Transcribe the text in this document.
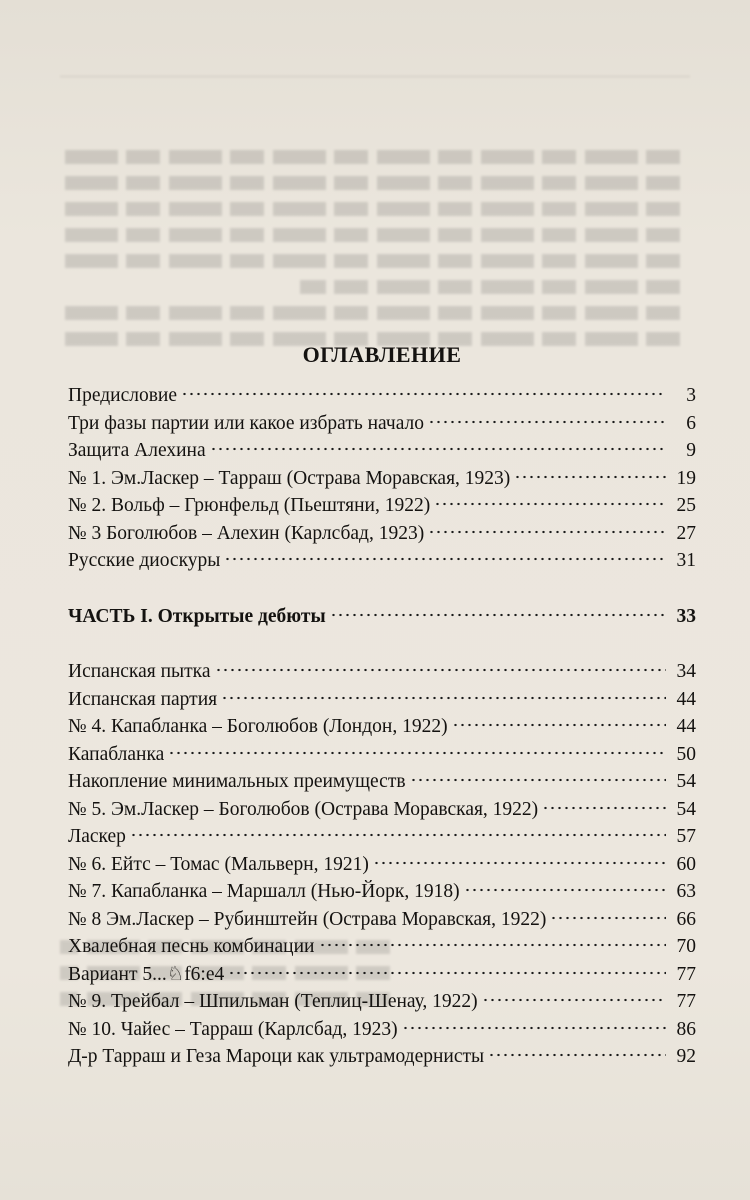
ОГЛАВЛЕНИЕ
Предисловие	3
Три фазы партии или какое избрать начало	6
Защита Алехина	9
№ 1. Эм.Ласкер – Тарраш (Острава Моравская, 1923)	19
№ 2. Вольф – Грюнфельд (Пьештяни, 1922)	25
№ 3 Боголюбов – Алехин (Карлсбад, 1923)	27
Русские диоскуры	31
ЧАСТЬ I. Открытые дебюты	33
Испанская пытка	34
Испанская партия	44
№ 4. Капабланка – Боголюбов (Лондон, 1922)	44
Капабланка	50
Накопление минимальных преимуществ	54
№ 5. Эм.Ласкер – Боголюбов (Острава Моравская, 1922)	54
Ласкер	57
№ 6. Ейтс – Томас (Мальверн, 1921)	60
№ 7. Капабланка – Маршалл (Нью-Йорк, 1918)	63
№ 8 Эм.Ласкер – Рубинштейн (Острава Моравская, 1922)	66
Хвалебная песнь комбинации	70
Вариант 5...♘f6:e4	77
№ 9. Трейбал – Шпильман (Теплиц-Шенау, 1922)	77
№ 10. Чайес – Тарраш (Карлсбад, 1923)	86
Д-р Тарраш и Геза Мароци как ультрамодернисты	92
